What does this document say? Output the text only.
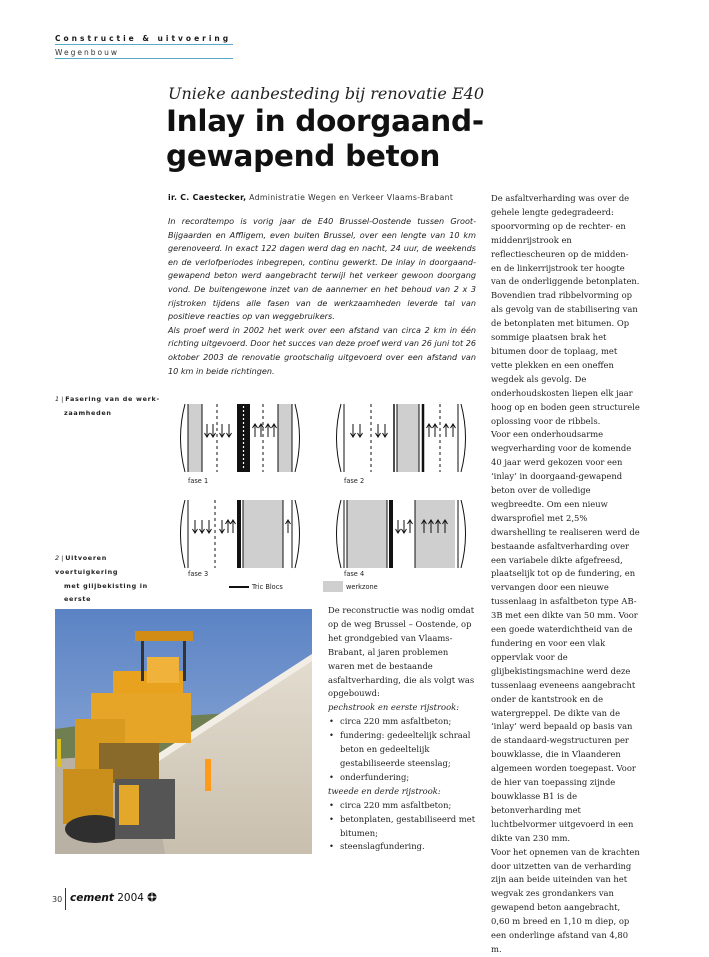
Constructie & uitvoering
Wegenbouw
Unieke aanbesteding bij renovatie E40
Inlay in doorgaand-gewapend beton
ir. C. Caestecker, Administratie Wegen en Verkeer Vlaams-Brabant

In recordtempo is vorig jaar de E40 Brussel-Oostende tussen Groot-Bijgaarden en Affligem, even buiten Brussel, over een lengte van 10 km gerenoveerd. In exact 122 dagen werd dag en nacht, 24 uur, de weekends en de verlofperiodes inbegrepen, continu gewerkt. De inlay in doorgaand-gewapend beton werd aangebracht terwijl het verkeer gewoon doorgang vond. De buitengewone inzet van de aannemer en het behoud van 2 x 3 rijstroken tijdens alle fasen van de werkzaamheden leverde tal van positieve reacties op van weggebruikers.

Als proef werd in 2002 het werk over een afstand van circa 2 km in één richting uitgevoerd. Door het succes van deze proef werd van 26 juni tot 26 oktober 2003 de renovatie grootschalig uitgevoerd over een afstand van 10 km in beide richtingen.

De asfaltverharding was over de gehele lengte gedegradeerd: spoorvorming op de rechter- en middenrijstrook en reflectiescheuren op de midden- en de linkerrijstrook ter hoogte van de onderliggende betonplaten. Bovendien trad ribbelvorming op als gevolg van de stabilisering van de betonplaten met bitumen. Op sommige plaatsen brak het bitumen door de toplaag, met vette plekken en een oneffen wegdek als gevolg. De onderhoudskosten liepen elk jaar hoog op en boden geen structurele oplossing voor de ribbels.

Voor een onderhoudsarme wegverharding voor de komende 40 jaar werd gekozen voor een ‘inlay’ in doorgaand-gewapend beton over de volledige wegbreedte. Om een nieuw dwarsprofiel met 2,5% dwarshelling te realiseren werd de bestaande asfaltverharding over een variabele dikte afgefreesd, plaatselijk tot op de fundering, en vervangen door een nieuwe tussenlaag in asfaltbeton type AB-3B met een dikte van 50 mm. Voor een goede waterdichtheid van de fundering en voor een vlak oppervlak voor de glijbekistingsmachine werd deze tussenlaag eveneens aangebracht onder de kantstrook en de watergreppel. De dikte van de ‘inlay’ werd bepaald op basis van de standaard-wegstructuren per bouwklasse, die in Vlaanderen algemeen worden toegepast. Voor de hier van toepassing zijnde bouwklasse B1 is de betonverharding met luchtbelvormer uitgevoerd in een dikte van 230 mm.

Voor het opnemen van de krachten door uitzetten van de verharding zijn aan beide uiteinden van het wegvak zes grondankers van gewapend beton aangebracht, 0,60 m breed en 1,10 m diep, op een onderlinge afstand van 4,80 m.

1 | Fasering van de werk-
zaamheden
2 | Uitvoeren voertuigkering
met glijbekisting in eerste
fase 1	fase 2
fase 3	fase 4
Tric Blocs	werkzone

De reconstructie was nodig omdat op de weg Brussel – Oostende, op het grondgebied van Vlaams-Brabant, al jaren problemen waren met de bestaande asfaltverharding, die als volgt was opgebouwd:

pechstrook en eerste rijstrook:

• circa 220 mm asfaltbeton;
• fundering: gedeeltelijk schraal beton en gedeeltelijk gestabiliseerde steenslag;
• onderfundering;

tweede en derde rijstrook:

• circa 220 mm asfaltbeton;
• betonplaten, gestabiliseerd met bitumen;
• steenslagfundering.
30 cement 2004
